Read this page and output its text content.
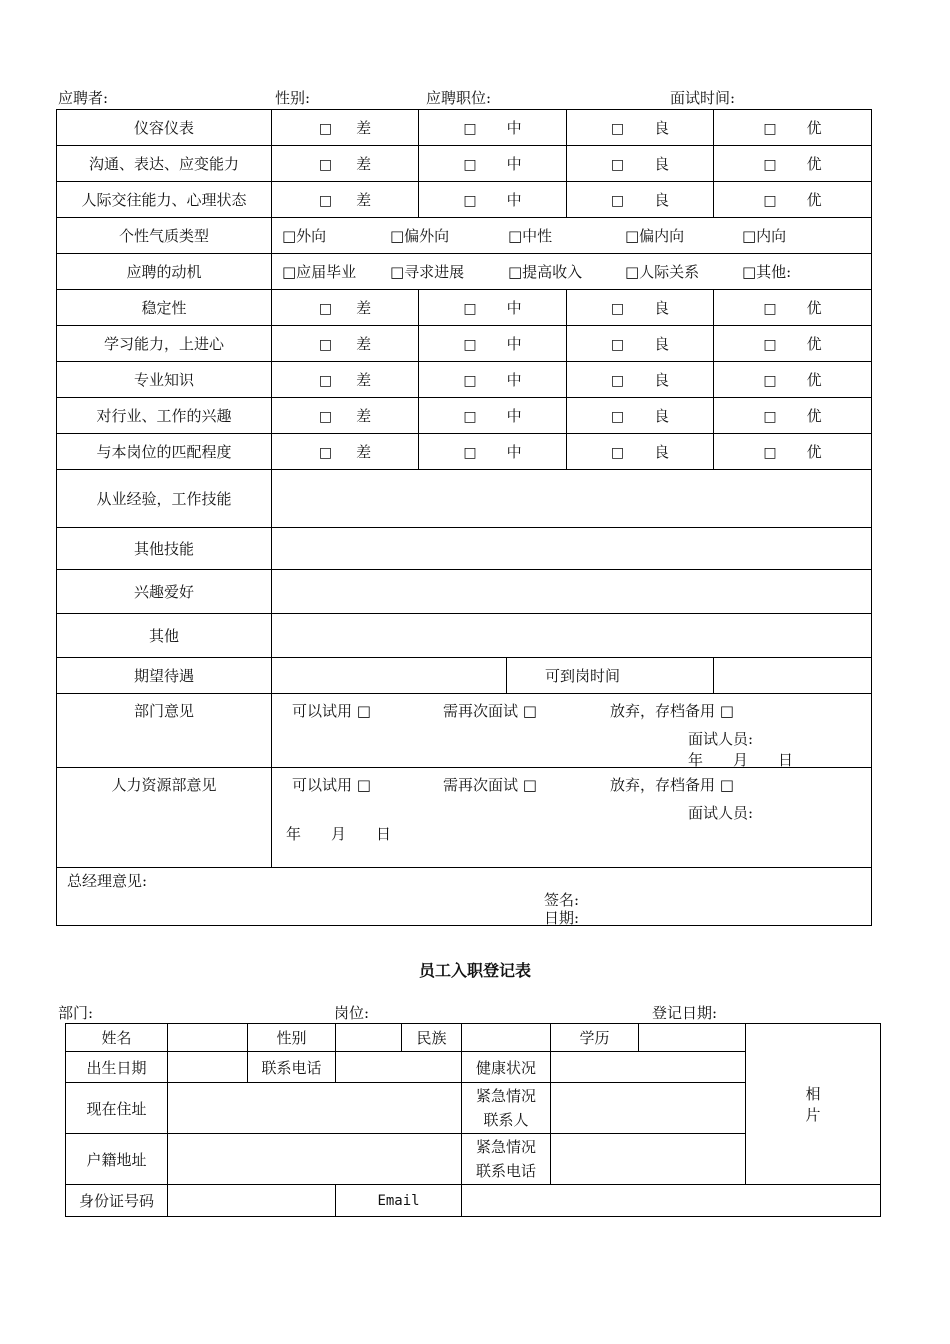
应聘者:	性别:	应聘职位:	面试时间:
仪容仪表	□ 差	□ 中		□ 良	□ 优
沟通、表达、应变能力	□ 差	□ 中		□ 良	□ 优
人际交往能力、心理状态	□ 差	□ 中		□ 良	□ 优
个性气质类型	□外向 □偏外向 □中性 □偏内向 □内向				
应聘的动机	□应届毕业 □寻求进展 □提高收入 □人际关系 □其他:				
稳定性	□ 差	□ 中		□ 良	□ 优
学习能力，上进心	□ 差	□ 中		□ 良	□ 优
专业知识	□ 差	□ 中		□ 良	□ 优
对行业、工作的兴趣	□ 差	□ 中		□ 良	□ 优
与本岗位的匹配程度	□ 差	□ 中		□ 良	□ 优
从业经验，工作技能					
其他技能					
兴趣爱好					
其他					
期望待遇			可到岗时间		
部门意见	可以试用 □ 需再次面试 □ 放弃，存档备用 □
面试人员:
年　　月　　日				

人力资源部意见	可以试用 □ 需再次面试 □ 放弃，存档备用 □
面试人员:
年　　月　　日				

总经理意见:
签名:
日期:					
员工入职登记表
部门:	岗位:	登记日期:
姓名		性别		民族		学历		相
片

出生日期		联系电话			健康状况			
现在住址					紧急情况
联系人			

户籍地址					紧急情况
联系电话			

身份证号码			Email					
